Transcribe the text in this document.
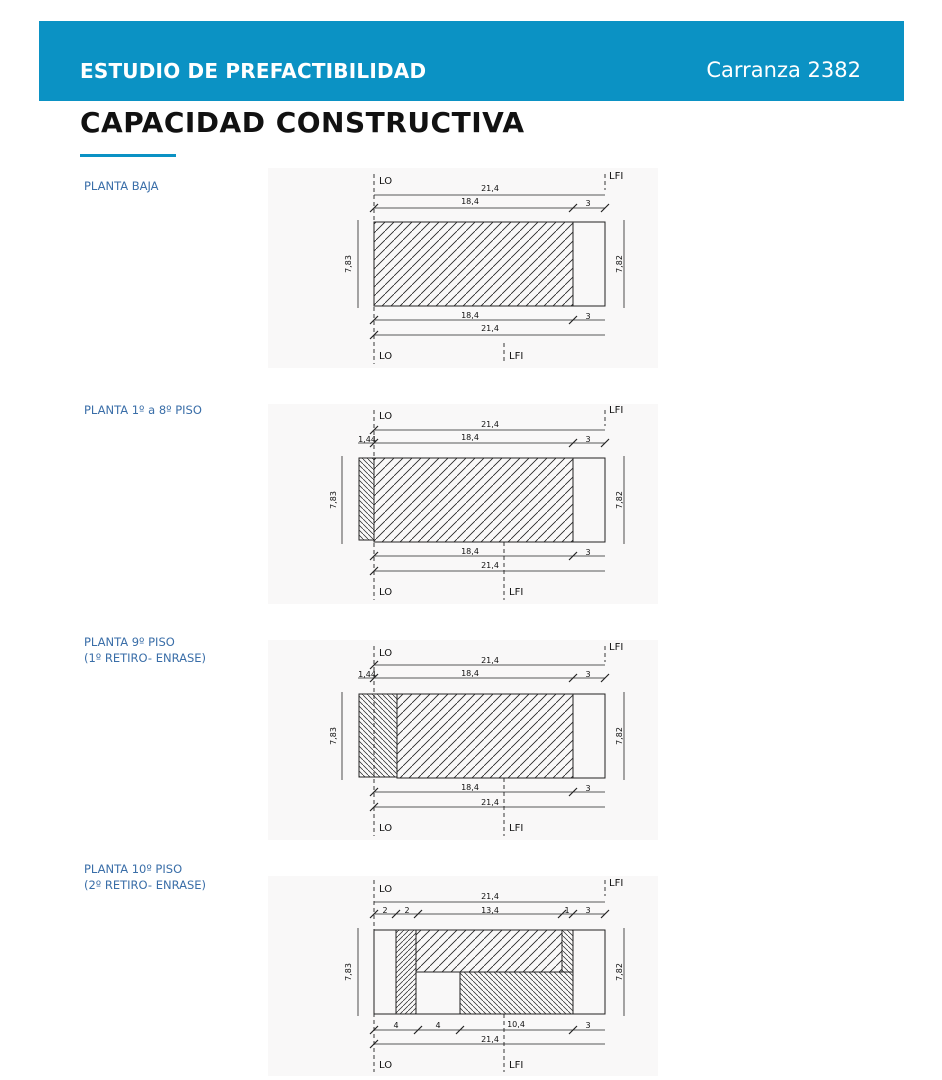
ESTUDIO DE PREFACTIBILIDAD	Carranza 2382
CAPACIDAD CONSTRUCTIVA
PLANTA BAJA
PLANTA 1º a 8º PISO
PLANTA 9º PISO
(1º RETIRO- ENRASE)
PLANTA 10º PISO
(2º RETIRO- ENRASE)
LO	LFI
LO	LFI
21,4
18,4	3
7,83	7,82
18,4	3
21,4
LO
LFI
LO	LFI
21,4
18,4
1,44	3
7,83	7,82
18,4	3
21,4
LO
LFI
LO	LFI
21,4
18,4
1,44	3
7,83	7,82
18,4	3
21,4
LO
LFI
LO	LFI
21,4
2 2	13,4	1 3
7,83	7,82
4	4	10,4	3
21,4
